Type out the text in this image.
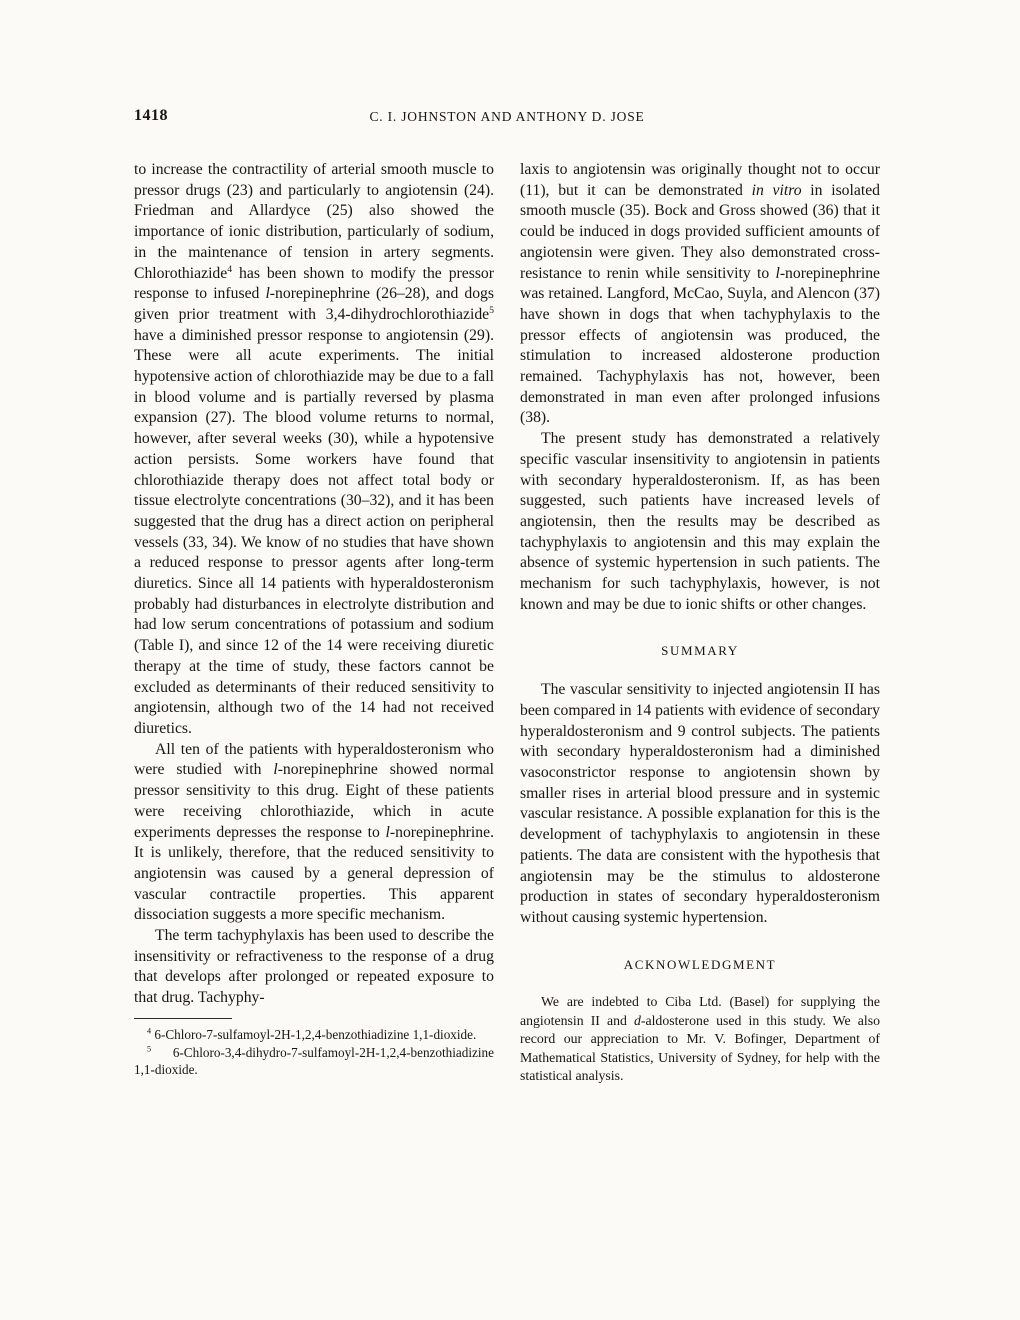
1418	C. I. JOHNSTON AND ANTHONY D. JOSE

to increase the contractility of arterial smooth muscle to pressor drugs (23) and particularly to angiotensin (24). Friedman and Allardyce (25) also showed the importance of ionic distribution, particularly of sodium, in the maintenance of tension in artery segments. Chlorothiazide$^4$ has been shown to modify the pressor response to infused l-norepinephrine (26–28), and dogs given prior treatment with 3,4-dihydrochlorothiazide$^5$ have a diminished pressor response to angiotensin (29). These were all acute experiments. The initial hypotensive action of chlorothiazide may be due to a fall in blood volume and is partially reversed by plasma expansion (27). The blood volume returns to normal, however, after several weeks (30), while a hypotensive action persists. Some workers have found that chlorothiazide therapy does not affect total body or tissue electrolyte concentrations (30–32), and it has been suggested that the drug has a direct action on peripheral vessels (33, 34). We know of no studies that have shown a reduced response to pressor agents after long-term diuretics. Since all 14 patients with hyperaldosteronism probably had disturbances in electrolyte distribution and had low serum concentrations of potassium and sodium (Table I), and since 12 of the 14 were receiving diuretic therapy at the time of study, these factors cannot be excluded as determinants of their reduced sensitivity to angiotensin, although two of the 14 had not received diuretics.

All ten of the patients with hyperaldosteronism who were studied with l-norepinephrine showed normal pressor sensitivity to this drug. Eight of these patients were receiving chlorothiazide, which in acute experiments depresses the response to l-norepinephrine. It is unlikely, therefore, that the reduced sensitivity to angiotensin was caused by a general depression of vascular contractile properties. This apparent dissociation suggests a more specific mechanism.

The term tachyphylaxis has been used to describe the insensitivity or refractiveness to the response of a drug that develops after prolonged or repeated exposure to that drug. Tachyphy-

$^4$ 6-Chloro-7-sulfamoyl-2H-1,2,4-benzothiadizine 1,1-dioxide.

$^5$ 6-Chloro-3,4-dihydro-7-sulfamoyl-2H-1,2,4-benzothiadizine 1,1-dioxide.

laxis to angiotensin was originally thought not to occur (11), but it can be demonstrated in vitro in isolated smooth muscle (35). Bock and Gross showed (36) that it could be induced in dogs provided sufficient amounts of angiotensin were given. They also demonstrated cross-resistance to renin while sensitivity to l-norepinephrine was retained. Langford, McCao, Suyla, and Alencon (37) have shown in dogs that when tachyphylaxis to the pressor effects of angiotensin was produced, the stimulation to increased aldosterone production remained. Tachyphylaxis has not, however, been demonstrated in man even after prolonged infusions (38).

The present study has demonstrated a relatively specific vascular insensitivity to angiotensin in patients with secondary hyperaldosteronism. If, as has been suggested, such patients have increased levels of angiotensin, then the results may be described as tachyphylaxis to angiotensin and this may explain the absence of systemic hypertension in such patients. The mechanism for such tachyphylaxis, however, is not known and may be due to ionic shifts or other changes.

SUMMARY

The vascular sensitivity to injected angiotensin II has been compared in 14 patients with evidence of secondary hyperaldosteronism and 9 control subjects. The patients with secondary hyperaldosteronism had a diminished vasoconstrictor response to angiotensin shown by smaller rises in arterial blood pressure and in systemic vascular resistance. A possible explanation for this is the development of tachyphylaxis to angiotensin in these patients. The data are consistent with the hypothesis that angiotensin may be the stimulus to aldosterone production in states of secondary hyperaldosteronism without causing systemic hypertension.

ACKNOWLEDGMENT

We are indebted to Ciba Ltd. (Basel) for supplying the angiotensin II and d-aldosterone used in this study. We also record our appreciation to Mr. V. Bofinger, Department of Mathematical Statistics, University of Sydney, for help with the statistical analysis.
